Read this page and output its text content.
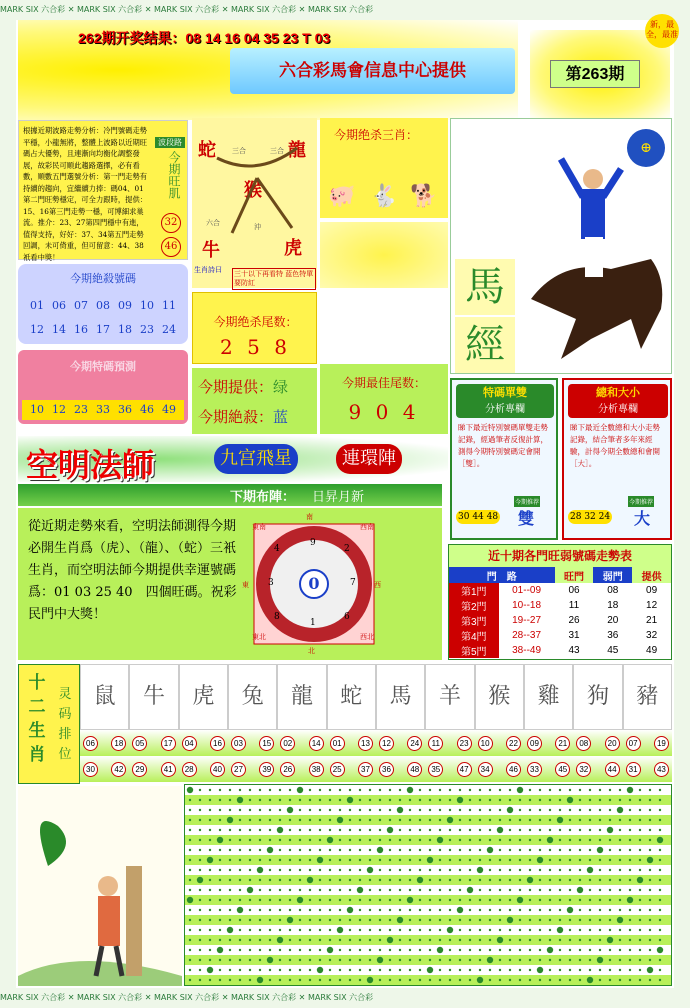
MARK SIX 六合彩 ✕ MARK SIX 六合彩 ✕ MARK SIX 六合彩 ✕ MARK SIX 六合彩 ✕ MARK SIX 六合彩
MARK SIX 六合彩 ✕ MARK SIX 六合彩 ✕ MARK SIX 六合彩 ✕ MARK SIX 六合彩 ✕ MARK SIX 六合彩
262期开奖结果：08 14 16 04 35 23 T 03
六合彩馬會信息中心提供	第263期
新，最全，最准
根據近期波路走勢分析：冷門號碼走勢平穩，小龍無將，整體上波路以近期旺碼占大優勢，且連漸向均衡化調整發展，故彩民可順此趨路選擇，必有看數，順數五門選號分析：第一門走勢有持續的趨向，宜繼續力捧：碼04、01第二門旺勢穩定，可全力跟時，提供：15、16第三門走勢一穩，可博細求巢流。推介：23、27第四門穩中有進，值得支持，好好：37、34第五門走勢回調，未可倚重，但可留意：44、38衹看中獎！
波段路
今期旺肌
32
46
蛇	龍
猴
牛	虎
三合	三合
六合	沖
生肖詩曰 三十以下再看特 蓝色特單要防紅
今期绝杀三肖：
🐖 🐇 🐕
馬
經
⊕
今期絶殺號碼
01 06 07 08 09 10 11
12 14 16 17 18 23 24
今期绝杀尾数：
2 5 8
今期特碼預測
10 12 23 33 36 46 49
今期提供：绿
今期絶殺：蓝
今期最佳尾数：
9 0 4
特碼單雙
分析專欄
睇下最近特別號碼單雙走勢記錄，經過筆者反復計算，測得今期特別號碼定會開［雙］。
今期推荐
30 44 48 雙
總和大小
分析專欄
睇下最近全數總和大小走勢記錄，結合筆者多年來經驗，計得今期全數總和會開［大］。
今期推荐
28 32 24 大
空明法師	九宫飛星	連環陣
下期布陣： 日昇月新
從近期走勢來看，空明法師測得今期必開生肖爲（虎）、（龍）、（蛇）三衹生肖，而空明法師今期提供幸運號碼爲：01 03 25 40　四個旺碼。祝彩民門中大獎！
0
4
9
2
3	7
8
1
6
南
東南	西南
西
西北
北
東北
東
近十期各門旺弱號碼走勢表
門　 路		旺門	弱門	提供
第1門	01--09	06	08	09
第2門	10--18	11	18	12
第3門	19--27	26	20	21
第4門	28--37	31	36	32
第5門	38--49	43	45	49
十二生肖
灵码排位
鼠	牛	虎	兔	龍	蛇	馬	羊	猴	雞	狗	豬
06	18	05	17	04	16	03	15	02	14	01	13	12	24	11	23	10	22	09	21	08	20	07	19
30	42	29	41	28	40	27	39	26	38	25	37	36	48	35	47	34	46	33	45	32	44	31	43
